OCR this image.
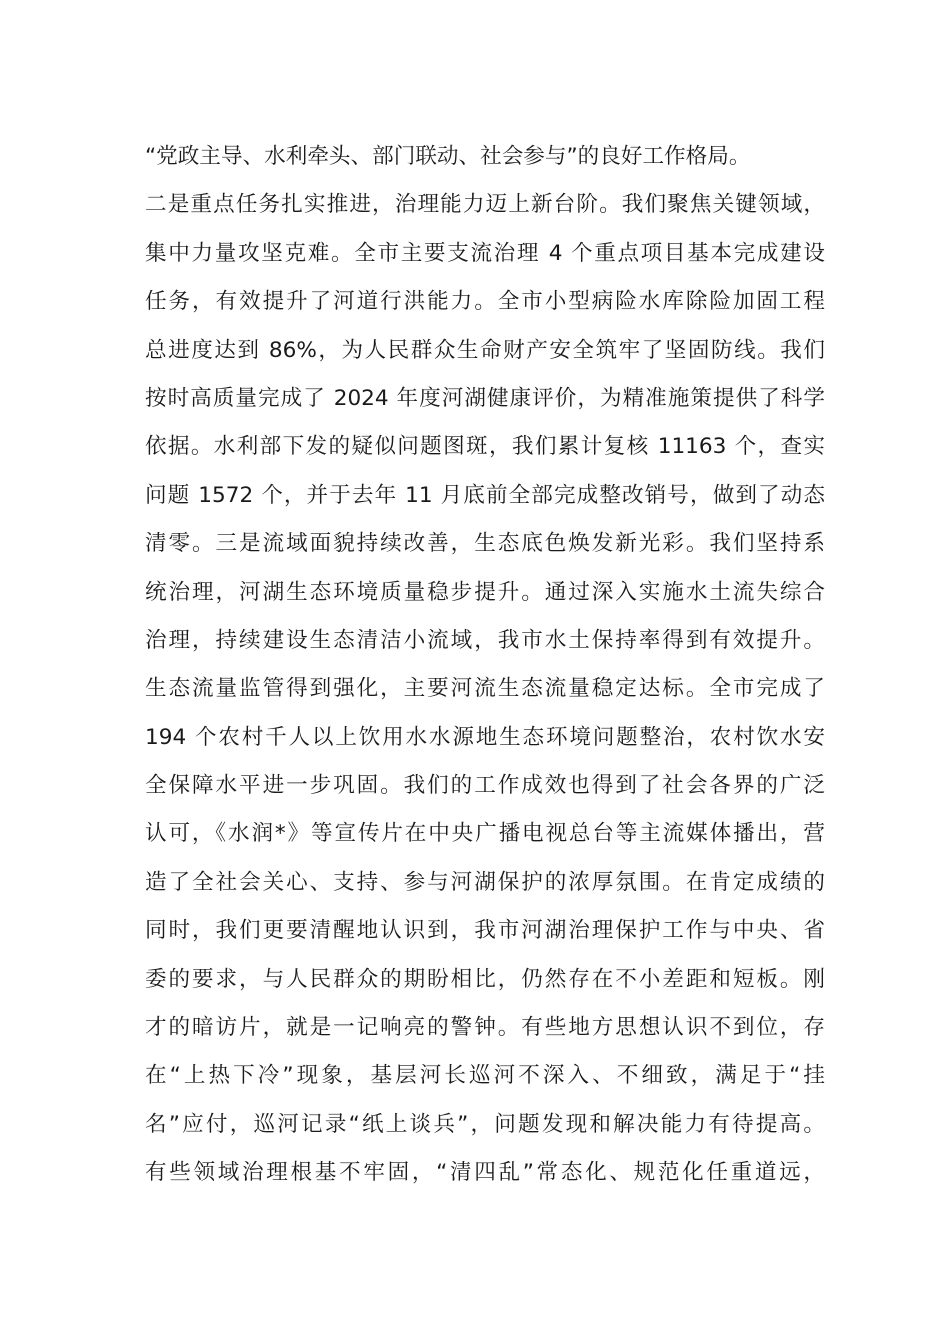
“党政主导、水利牵头、部门联动、社会参与”的良好工作格局。
二是重点任务扎实推进，治理能力迈上新台阶。我们聚焦关键领域，
集中力量攻坚克难。全市主要支流治理 4 个重点项目基本完成建设
任务，有效提升了河道行洪能力。全市小型病险水库除险加固工程
总进度达到 86%，为人民群众生命财产安全筑牢了坚固防线。我们
按时高质量完成了 2024 年度河湖健康评价，为精准施策提供了科学
依据。水利部下发的疑似问题图斑，我们累计复核 11163 个，查实
问题 1572 个，并于去年 11 月底前全部完成整改销号，做到了动态
清零。三是流域面貌持续改善，生态底色焕发新光彩。我们坚持系
统治理，河湖生态环境质量稳步提升。通过深入实施水土流失综合
治理，持续建设生态清洁小流域，我市水土保持率得到有效提升。
生态流量监管得到强化，主要河流生态流量稳定达标。全市完成了
194 个农村千人以上饮用水水源地生态环境问题整治，农村饮水安
全保障水平进一步巩固。我们的工作成效也得到了社会各界的广泛
认可，《水润*》等宣传片在中央广播电视总台等主流媒体播出，营
造了全社会关心、支持、参与河湖保护的浓厚氛围。在肯定成绩的
同时，我们更要清醒地认识到，我市河湖治理保护工作与中央、省
委的要求，与人民群众的期盼相比，仍然存在不小差距和短板。刚
才的暗访片，就是一记响亮的警钟。有些地方思想认识不到位，存
在“上热下冷”现象，基层河长巡河不深入、不细致，满足于“挂
名”应付，巡河记录“纸上谈兵”，问题发现和解决能力有待提高。
有些领域治理根基不牢固，“清四乱”常态化、规范化任重道远，
